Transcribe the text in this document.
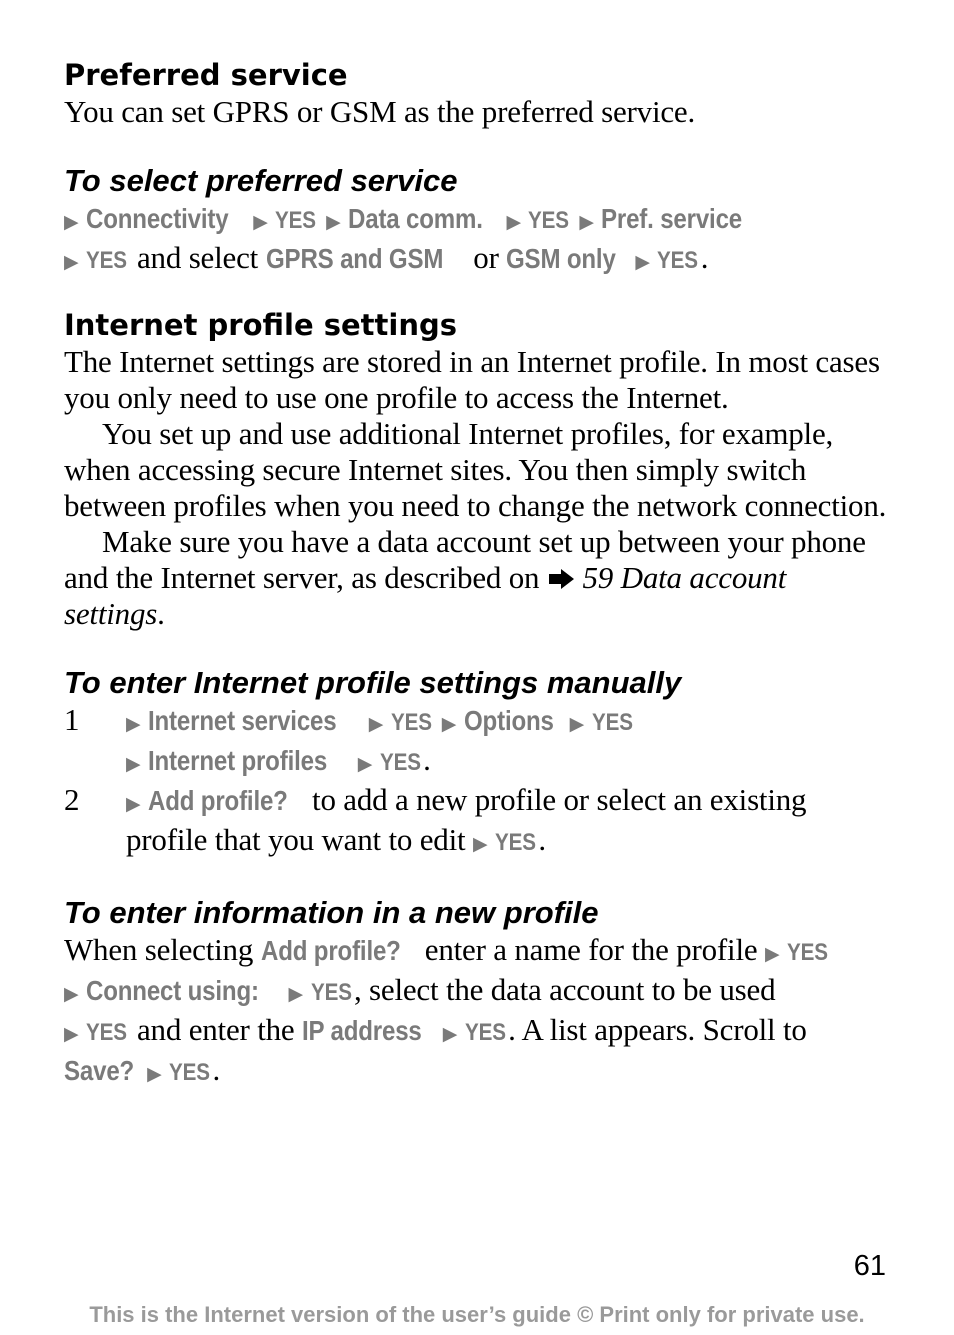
Preferred service

You can set GPRS or GSM as the preferred service.

To select preferred service

▶ Connectivity ▶ YES ▶ Data comm. ▶ YES ▶ Pref. service
▶ YES and select GPRS and GSM or GSM only ▶ YES.

Internet profile settings

The Internet settings are stored in an Internet profile. In most cases you only need to use one profile to access the Internet.

You set up and use additional Internet profiles, for example, when accessing secure Internet sites. You then simply switch between profiles when you need to change the network connection.

Make sure you have a data account set up between your phone and the Internet server, as described on 59 Data account settings.

To enter Internet profile settings manually
1	▶ Internet services ▶ YES ▶ Options ▶ YES
▶ Internet profiles ▶ YES.
2	▶ Add profile? to add a new profile or select an existing profile that you want to edit ▶ YES.
To enter information in a new profile

When selecting Add profile? enter a name for the profile ▶ YES
▶ Connect using: ▶ YES, select the data account to be used
▶ YES and enter the IP address ▶ YES. A list appears. Scroll to
Save? ▶ YES.

61
This is the Internet version of the user’s guide © Print only for private use.
